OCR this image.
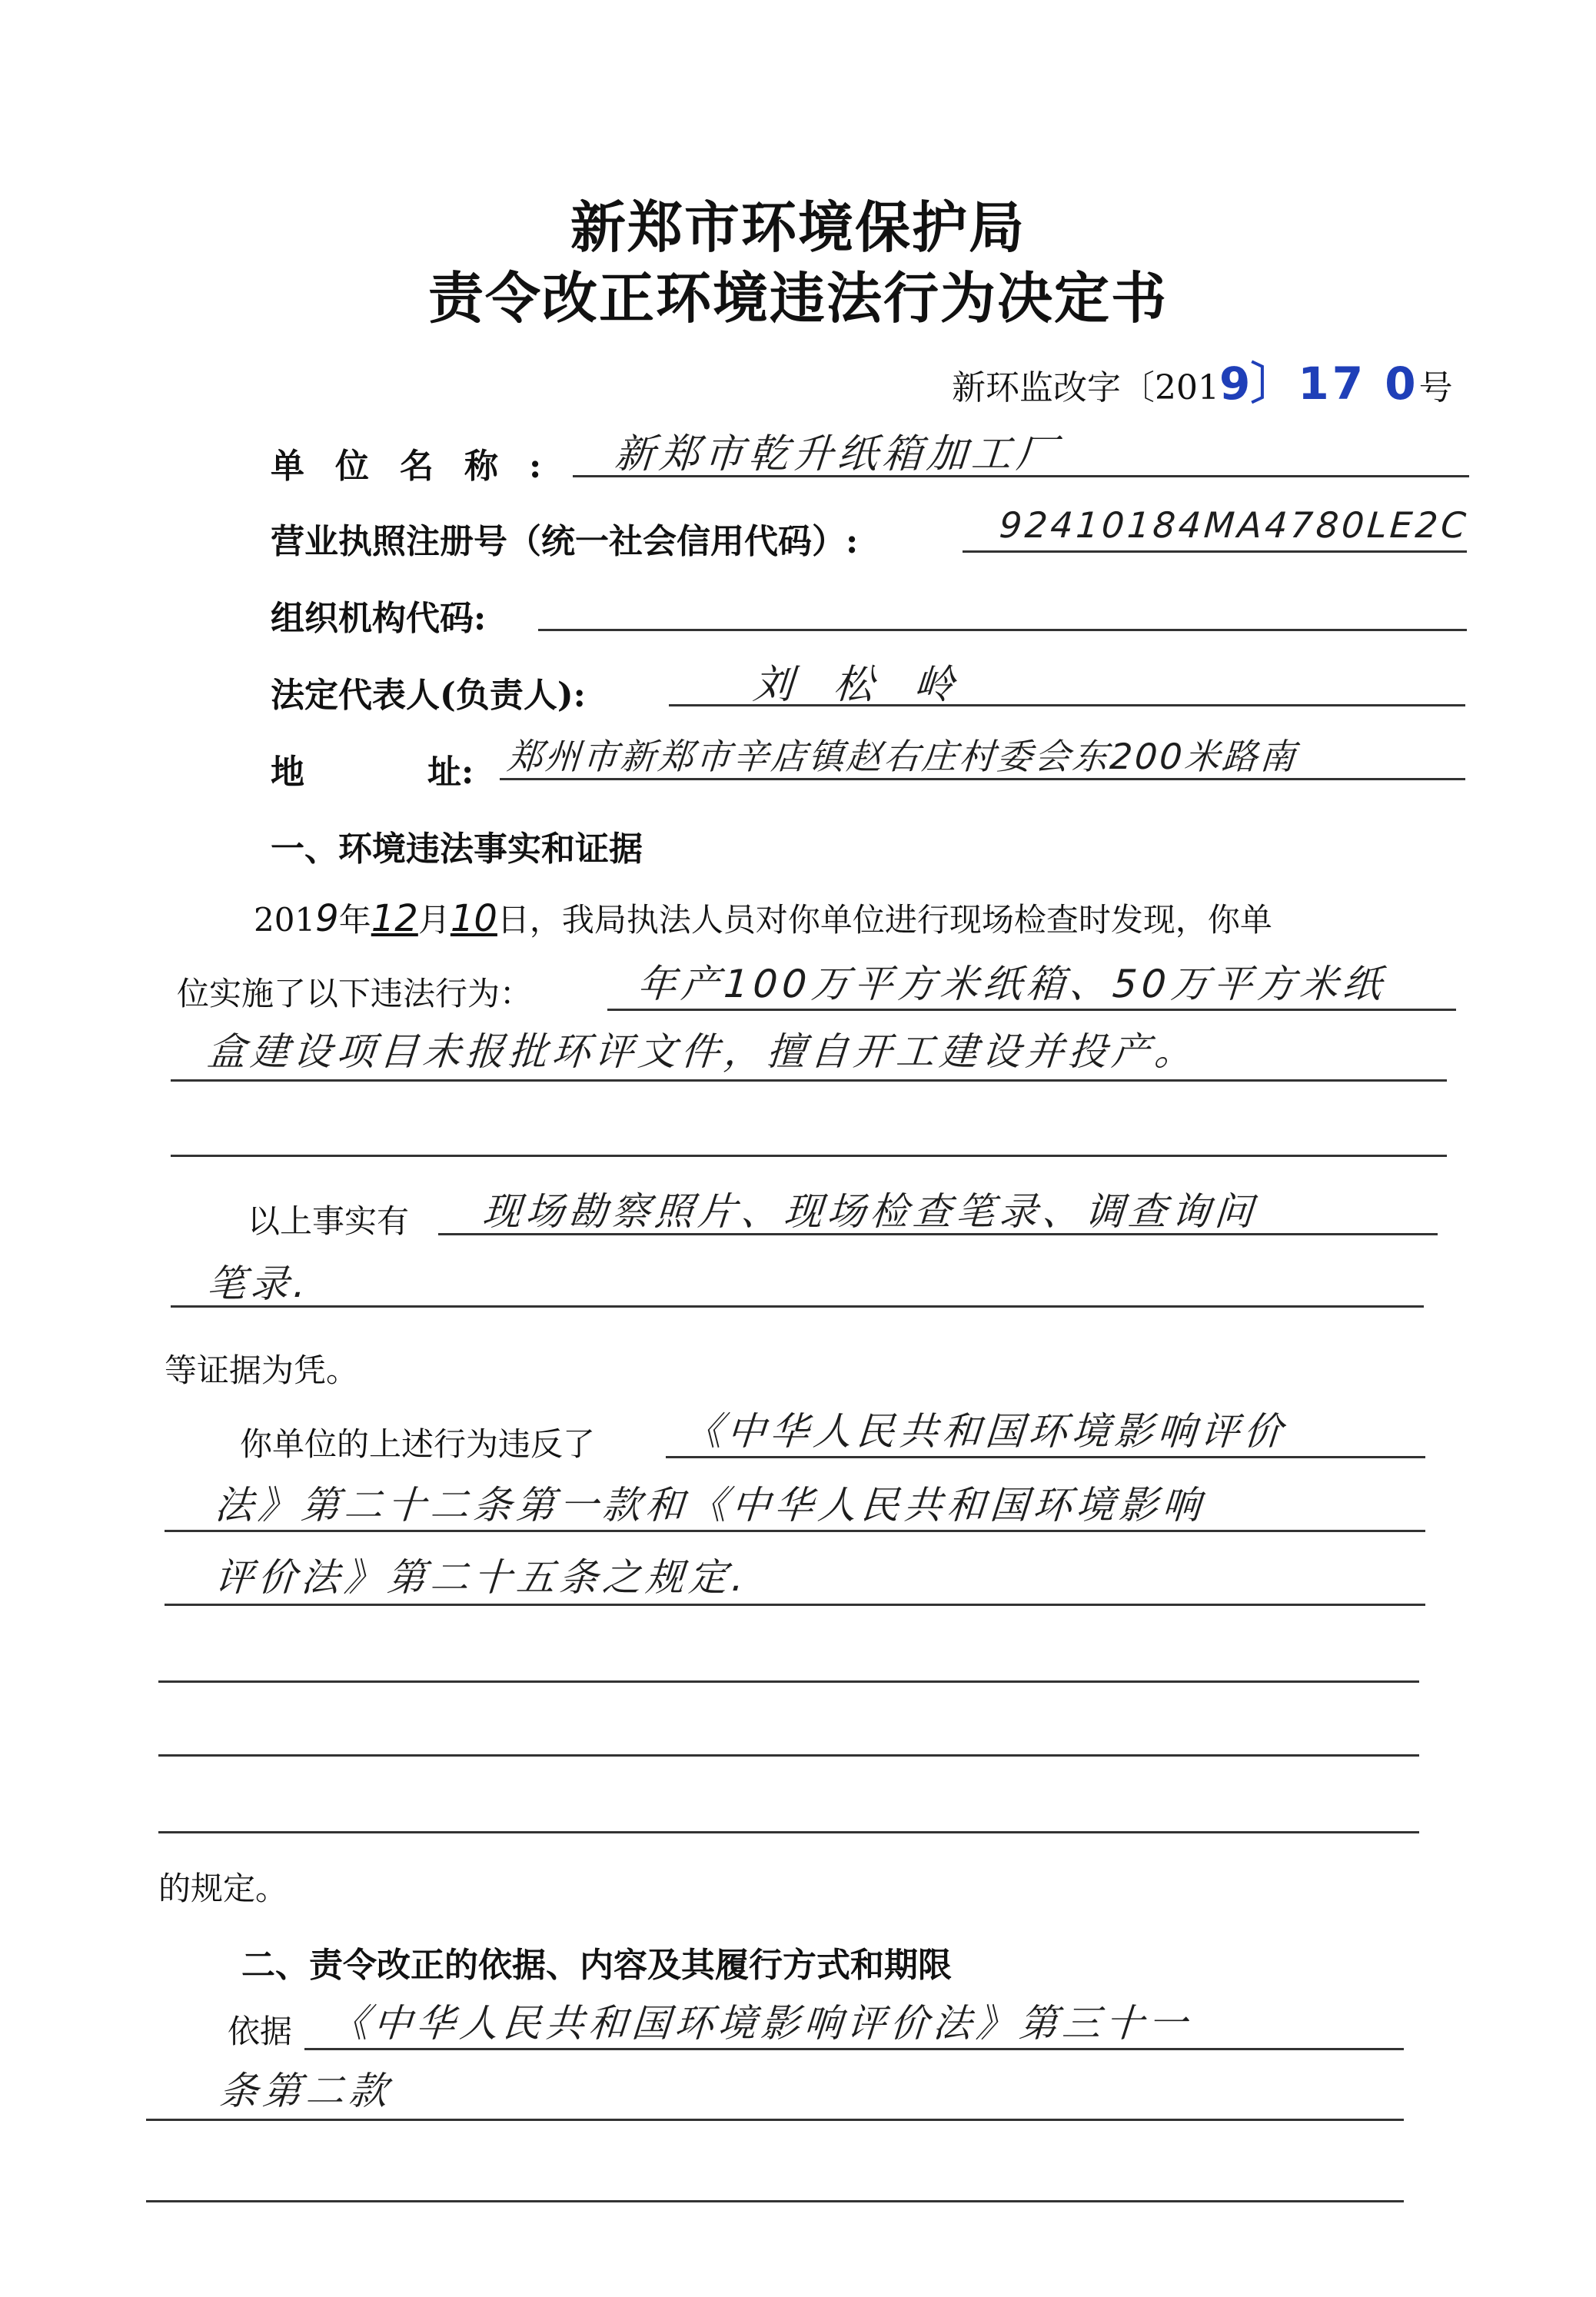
新郑市环境保护局
责令改正环境违法行为决定书
新环监改字〔2019〕17 0号
单位名称: 新郑市乾升纸箱加工厂
营业执照注册号（统一社会信用代码）:	92410184MA4780LE2C
组织机构代码:
法定代表人(负责人):	刘 松 岭
地	址: 郑州市新郑市辛店镇赵右庄村委会东200米路南
一、环境违法事实和证据
2019年12月10日，我局执法人员对你单位进行现场检查时发现，你单
位实施了以下违法行为：	年产100万平方米纸箱、50万平方米纸
盒建设项目未报批环评文件，擅自开工建设并投产。
以上事实有 现场勘察照片、现场检查笔录、调查询问
笔录.
等证据为凭。
你单位的上述行为违反了 《中华人民共和国环境影响评价
法》第二十二条第一款和《中华人民共和国环境影响
评价法》第二十五条之规定.
的规定。
二、责令改正的依据、内容及其履行方式和期限
依据 《中华人民共和国环境影响评价法》第三十一
条第二款
